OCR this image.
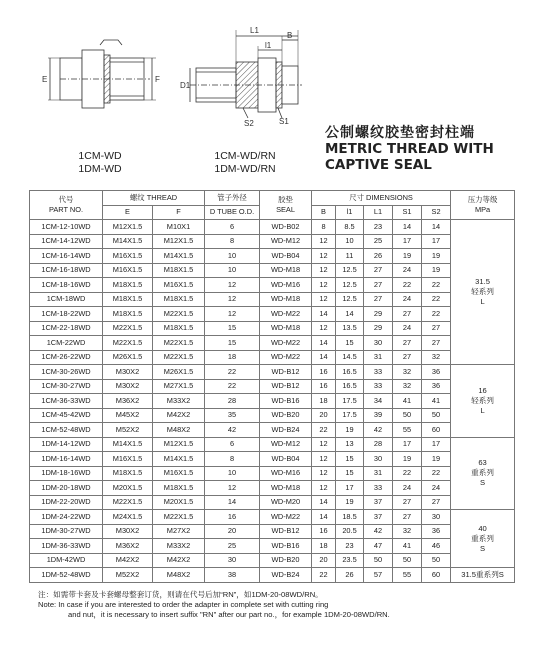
E	F
L1
l1
B
D1
S2	S1
1CM-WD
1DM-WD
1CM-WD/RN
1DM-WD/RN
公制螺纹胶垫密封柱端
METRIC THREAD WITH
CAPTIVE SEAL
代号
PART NO.	螺纹 THREAD		管子外径	胶垫
SEAL	尺寸 DIMENSIONS					压力等级
MPa
	E	F	D TUBE O.D.		B	l1	L1	S1	S2	
1CM-12-10WD	M12X1.5	M10X1	6	WD-B02	8	8.5	23	14	14	31.5
轻系列
L

1CM-14-12WD	M14X1.5	M12X1.5	8	WD-M12	12	10	25	17	17	
1CM-16-14WD	M16X1.5	M14X1.5	10	WD-B04	12	11	26	19	19	
1CM-16-18WD	M16X1.5	M18X1.5	10	WD-M18	12	12.5	27	24	19	
1CM-18-16WD	M18X1.5	M16X1.5	12	WD-M16	12	12.5	27	22	22	
1CM-18WD	M18X1.5	M18X1.5	12	WD-M18	12	12.5	27	24	22	
1CM-18-22WD	M18X1.5	M22X1.5	12	WD-M22	14	14	29	27	22	
1CM-22-18WD	M22X1.5	M18X1.5	15	WD-M18	12	13.5	29	24	27	
1CM-22WD	M22X1.5	M22X1.5	15	WD-M22	14	15	30	27	27	
1CM-26-22WD	M26X1.5	M22X1.5	18	WD-M22	14	14.5	31	27	32	
1CM-30-26WD	M30X2	M26X1.5	22	WD-B12	16	16.5	33	32	36	16
轻系列
L

1CM-30-27WD	M30X2	M27X1.5	22	WD-B12	16	16.5	33	32	36	
1CM-36-33WD	M36X2	M33X2	28	WD-B16	18	17.5	34	41	41	
1CM-45-42WD	M45X2	M42X2	35	WD-B20	20	17.5	39	50	50	
1CM-52-48WD	M52X2	M48X2	42	WD-B24	22	19	42	55	60	
1DM-14-12WD	M14X1.5	M12X1.5	6	WD-M12	12	13	28	17	17	63
重系列
S

1DM-16-14WD	M16X1.5	M14X1.5	8	WD-B04	12	15	30	19	19	
1DM-18-16WD	M18X1.5	M16X1.5	10	WD-M16	12	15	31	22	22	
1DM-20-18WD	M20X1.5	M18X1.5	12	WD-M18	12	17	33	24	24	
1DM-22-20WD	M22X1.5	M20X1.5	14	WD-M20	14	19	37	27	27	
1DM-24-22WD	M24X1.5	M22X1.5	16	WD-M22	14	18.5	37	27	30	40
重系列
S

1DM-30-27WD	M30X2	M27X2	20	WD-B12	16	20.5	42	32	36	
1DM-36-33WD	M36X2	M33X2	25	WD-B16	18	23	47	41	46	
1DM-42WD	M42X2	M42X2	30	WD-B20	20	23.5	50	50	50	
1DM-52-48WD	M52X2	M48X2	38	WD-B24	22	26	57	55	60	31.5重系列S
注：如需带卡套及卡套螺母整套订货，则请在代号后加“RN”，如1DM-20-08WD/RN。
Note: In case if you are interested to order the adapter in complete set with cutting ring
and nut，it is necessary to insert suffix "RN" after our part no.，for example 1DM-20-08WD/RN.
